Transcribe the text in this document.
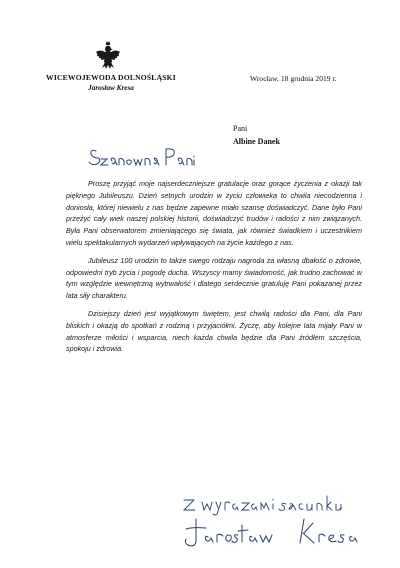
WICEWOJEWODA DOLNOŚLĄSKI
Jarosław Kresa
Wrocław, 18 grudnia 2019 r.
Pani
Albine Danek

Proszę przyjąć moje najserdeczniejsze gratulacje oraz gorące życzenia z okazji tak pięknego Jubileuszu. Dzień setnych urodzin w życiu człowieka to chwila niecodzienna i doniosła, której niewielu z nas będzie zapewne miało szansę doświadczyć. Dane było Pani przeżyć cały wiek naszej polskiej historii, doświadczyć trudów i radości z nim związanych. Była Pani obserwatorem zmieniającego się świata, jak również świadkiem i uczestnikiem wielu spektakularnych wydarzeń wpływających na życie każdego z nas.

Jubileusz 100 urodzin to także swego rodzaju nagroda za własną dbałość o zdrowie, odpowiedni tryb życia i pogodę ducha. Wszyscy mamy świadomość, jak trudno zachować w tym względzie wewnętrzną wytrwałość i dlatego serdecznie gratuluję Pani pokazanej przez lata siły charakteru.

Dzisiejszy dzień jest wyjątkowym świętem, jest chwilą radości dla Pani, dla Pani bliskich i okazją do spotkań z rodziną i przyjaciółmi. Życzę, aby kolejne lata mijały Pani w atmosferze miłości i wsparcia, niech każda chwila będzie dla Pani źródłem szczęścia, spokoju i zdrowia.
